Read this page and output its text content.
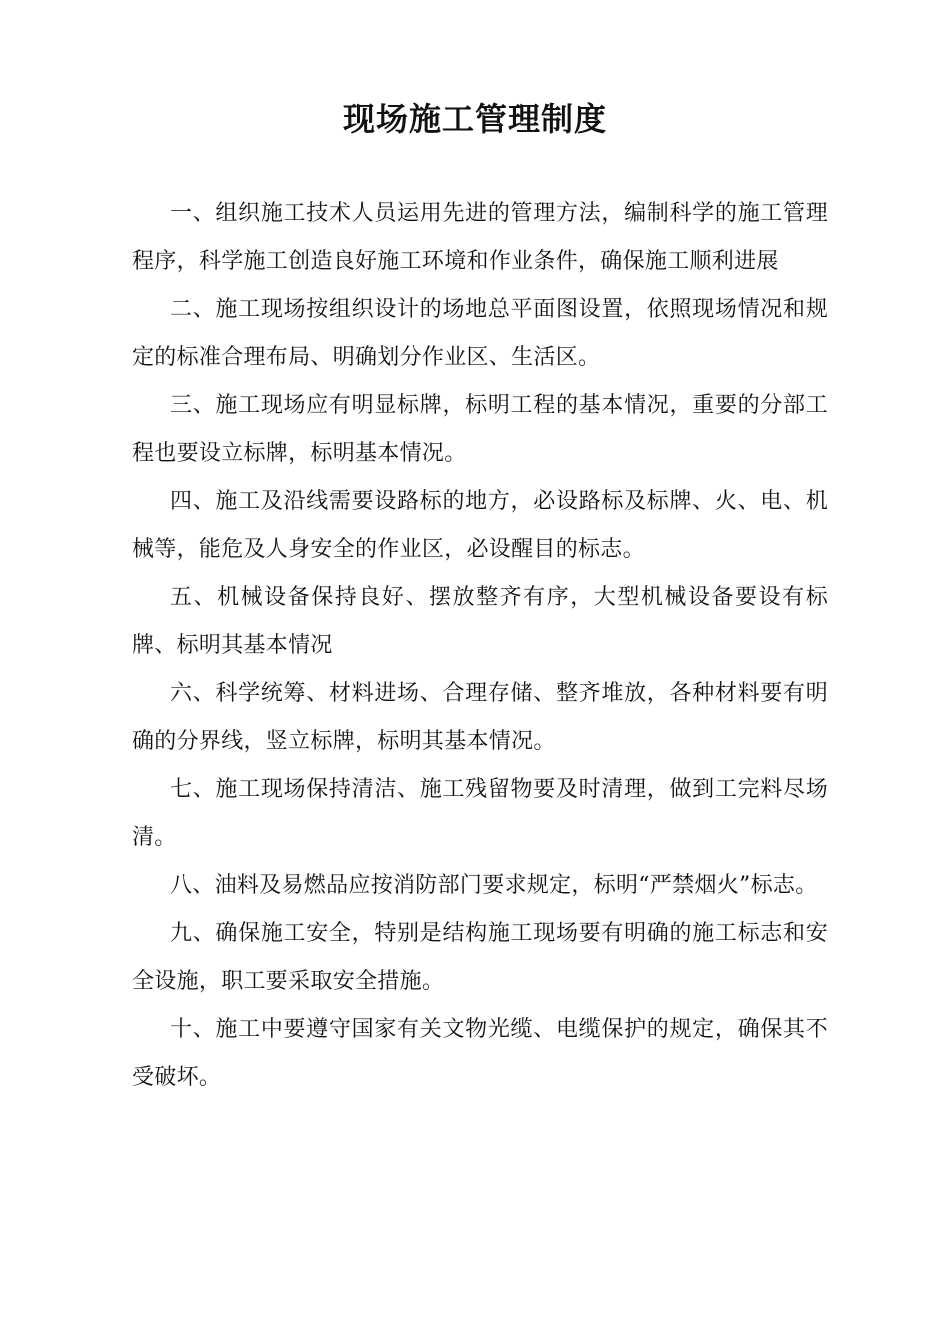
现场施工管理制度

一、组织施工技术人员运用先进的管理方法，编制科学的施工管理程序，科学施工创造良好施工环境和作业条件，确保施工顺利进展

二、施工现场按组织设计的场地总平面图设置，依照现场情况和规定的标准合理布局、明确划分作业区、生活区。

三、施工现场应有明显标牌，标明工程的基本情况，重要的分部工程也要设立标牌，标明基本情况。

四、施工及沿线需要设路标的地方，必设路标及标牌、火、电、机械等，能危及人身安全的作业区，必设醒目的标志。

五、机械设备保持良好、摆放整齐有序，大型机械设备要设有标牌、标明其基本情况

六、科学统筹、材料进场、合理存储、整齐堆放，各种材料要有明确的分界线，竖立标牌，标明其基本情况。

七、施工现场保持清洁、施工残留物要及时清理，做到工完料尽场清。

八、油料及易燃品应按消防部门要求规定，标明“严禁烟火”标志。

九、确保施工安全，特别是结构施工现场要有明确的施工标志和安全设施，职工要采取安全措施。

十、施工中要遵守国家有关文物光缆、电缆保护的规定，确保其不受破坏。
